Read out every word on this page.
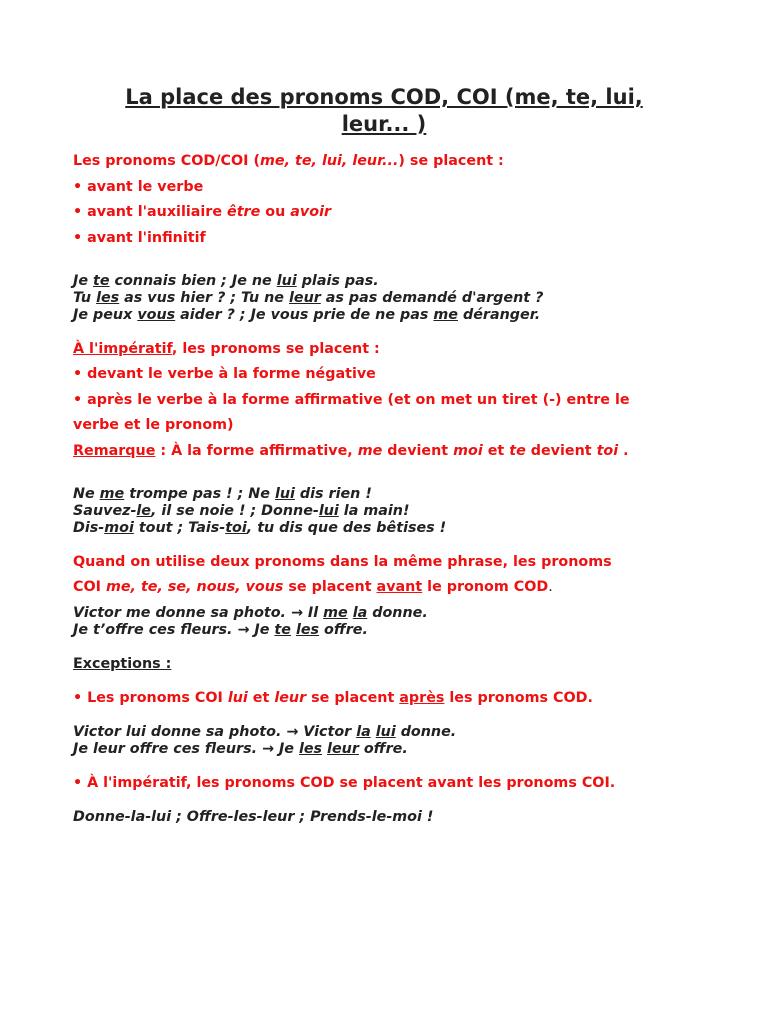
La place des pronoms COD, COI (me, te, lui,
leur... )
Les pronoms COD/COI (me, te, lui, leur...) se placent :
• avant le verbe
• avant l'auxiliaire être ou avoir
• avant l'infinitif
Je te connais bien ; Je ne lui plais pas.
Tu les as vus hier ? ; Tu ne leur as pas demandé d'argent ?
Je peux vous aider ? ; Je vous prie de ne pas me déranger.
À l'impératif, les pronoms se placent :
• devant le verbe à la forme négative
• après le verbe à la forme affirmative (et on met un tiret (-) entre le
verbe et le pronom)
Remarque : À la forme affirmative, me devient moi et te devient toi .
Ne me trompe pas ! ; Ne lui dis rien !
Sauvez-le, il se noie ! ; Donne-lui la main!
Dis-moi tout ; Tais-toi, tu dis que des bêtises !
Quand on utilise deux pronoms dans la même phrase, les pronoms
COI me, te, se, nous, vous se placent avant le pronom COD.
Victor me donne sa photo. → Il me la donne.
Je t’offre ces fleurs. → Je te les offre.
Exceptions :
• Les pronoms COI lui et leur se placent après les pronoms COD.
Victor lui donne sa photo. → Victor la lui donne.
Je leur offre ces fleurs. → Je les leur offre.
• À l'impératif, les pronoms COD se placent avant les pronoms COI.
Donne-la-lui ; Offre-les-leur ; Prends-le-moi !
